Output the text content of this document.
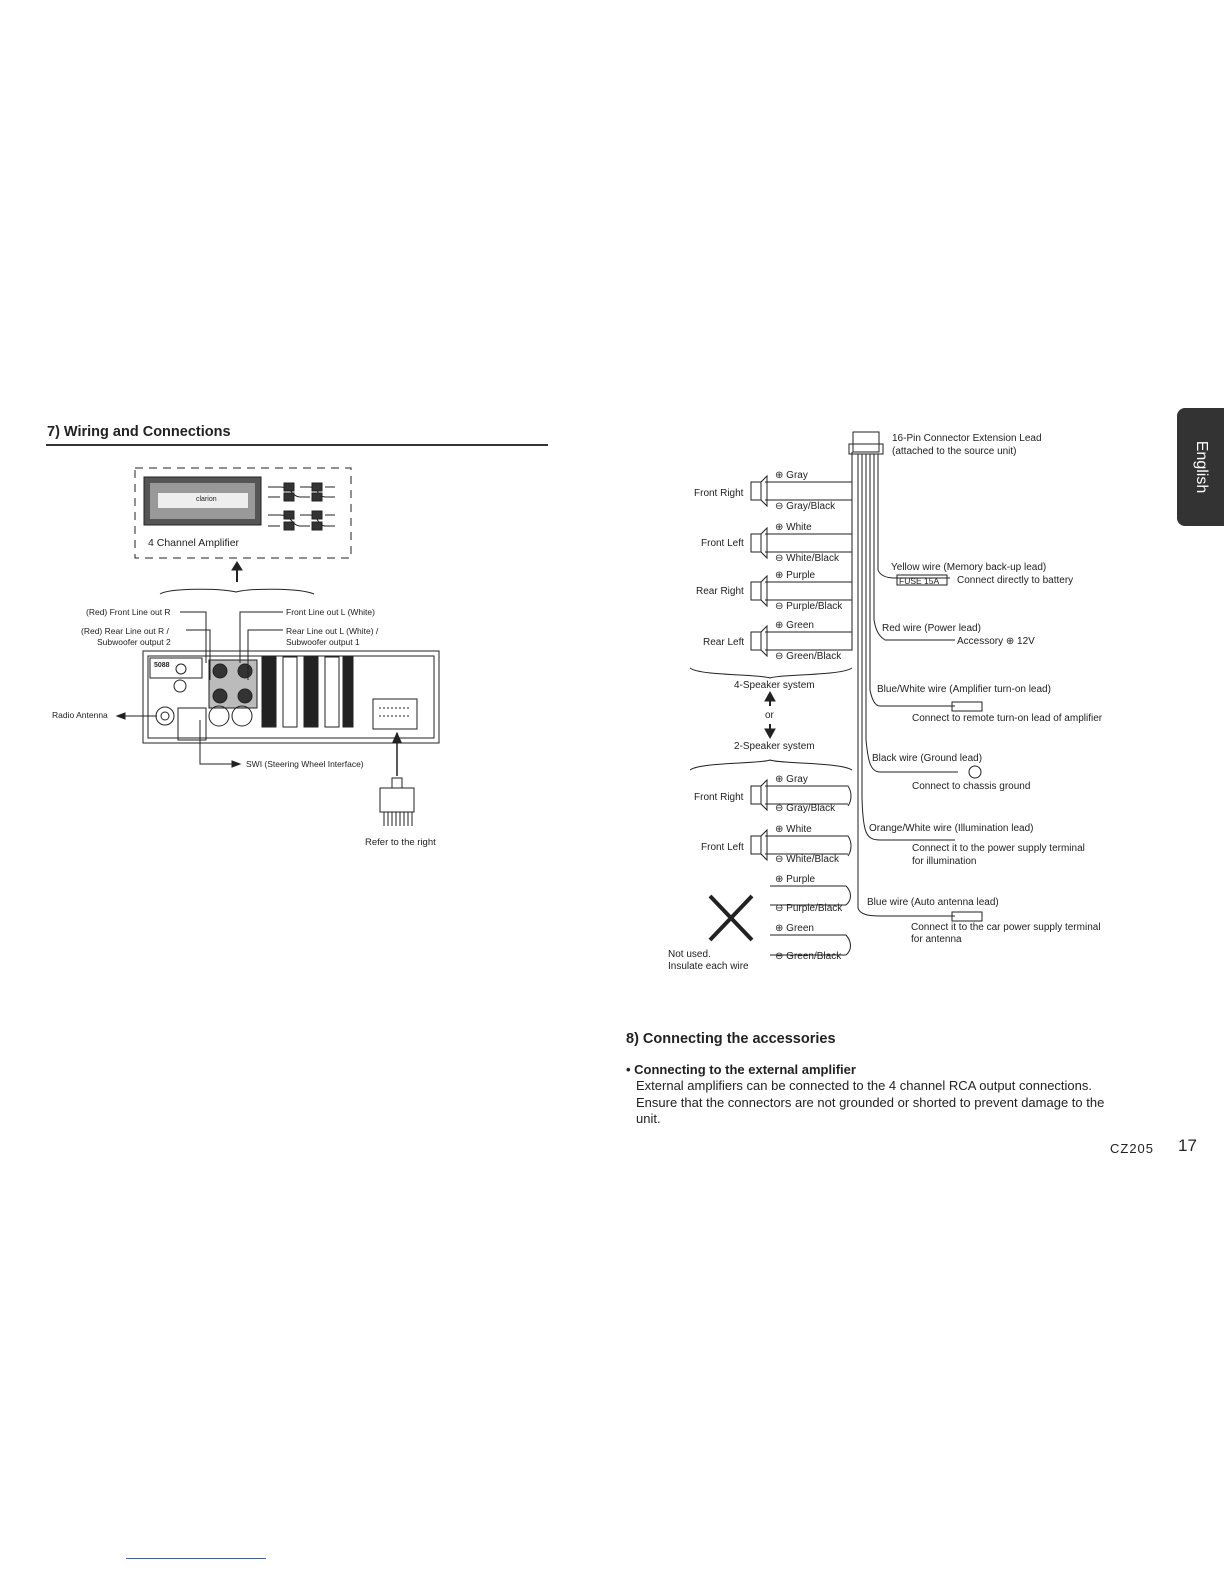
7) Wiring and Connections
4 Channel Amplifier
clarion
5088
(Red) Front Line out R	Front Line out L (White)
(Red) Rear Line out R /
Subwoofer output 2
Rear Line out L (White) /
Subwoofer output 1
Radio Antenna
SWI (Steering Wheel Interface)
Refer to the right
16-Pin Connector Extension Lead
(attached to the source unit)
Front Right
⊕ Gray
⊖ Gray/Black
Front Left
⊕ White
⊖ White/Black
Rear Right
⊕ Purple
⊖ Purple/Black
Rear Left
⊕ Green
⊖ Green/Black
4-Speaker system
or
2-Speaker system
Front Right
⊕ Gray
⊖ Gray/Black
Front Left
⊕ White
⊖ White/Black
⊕ Purple
⊖ Purple/Black
⊕ Green
⊖ Green/Black
Not used.
Insulate each wire
Yellow wire (Memory back-up lead)
FUSE 15A Connect directly to battery
Red wire (Power lead)
Accessory ⊕ 12V
Blue/White wire (Amplifier turn-on lead)
Connect to remote turn-on lead of amplifier
Black wire (Ground lead)
Connect to chassis ground
Orange/White wire (Illumination lead)
Connect it to the power supply terminal
for illumination
Blue wire (Auto antenna lead)
Connect it to the car power supply terminal
for antenna
8) Connecting the accessories
• Connecting to the external amplifier
External amplifiers can be connected to the 4 channel RCA output connections.
Ensure that the connectors are not grounded or shorted to prevent damage to the
unit.
English
CZ205 17
